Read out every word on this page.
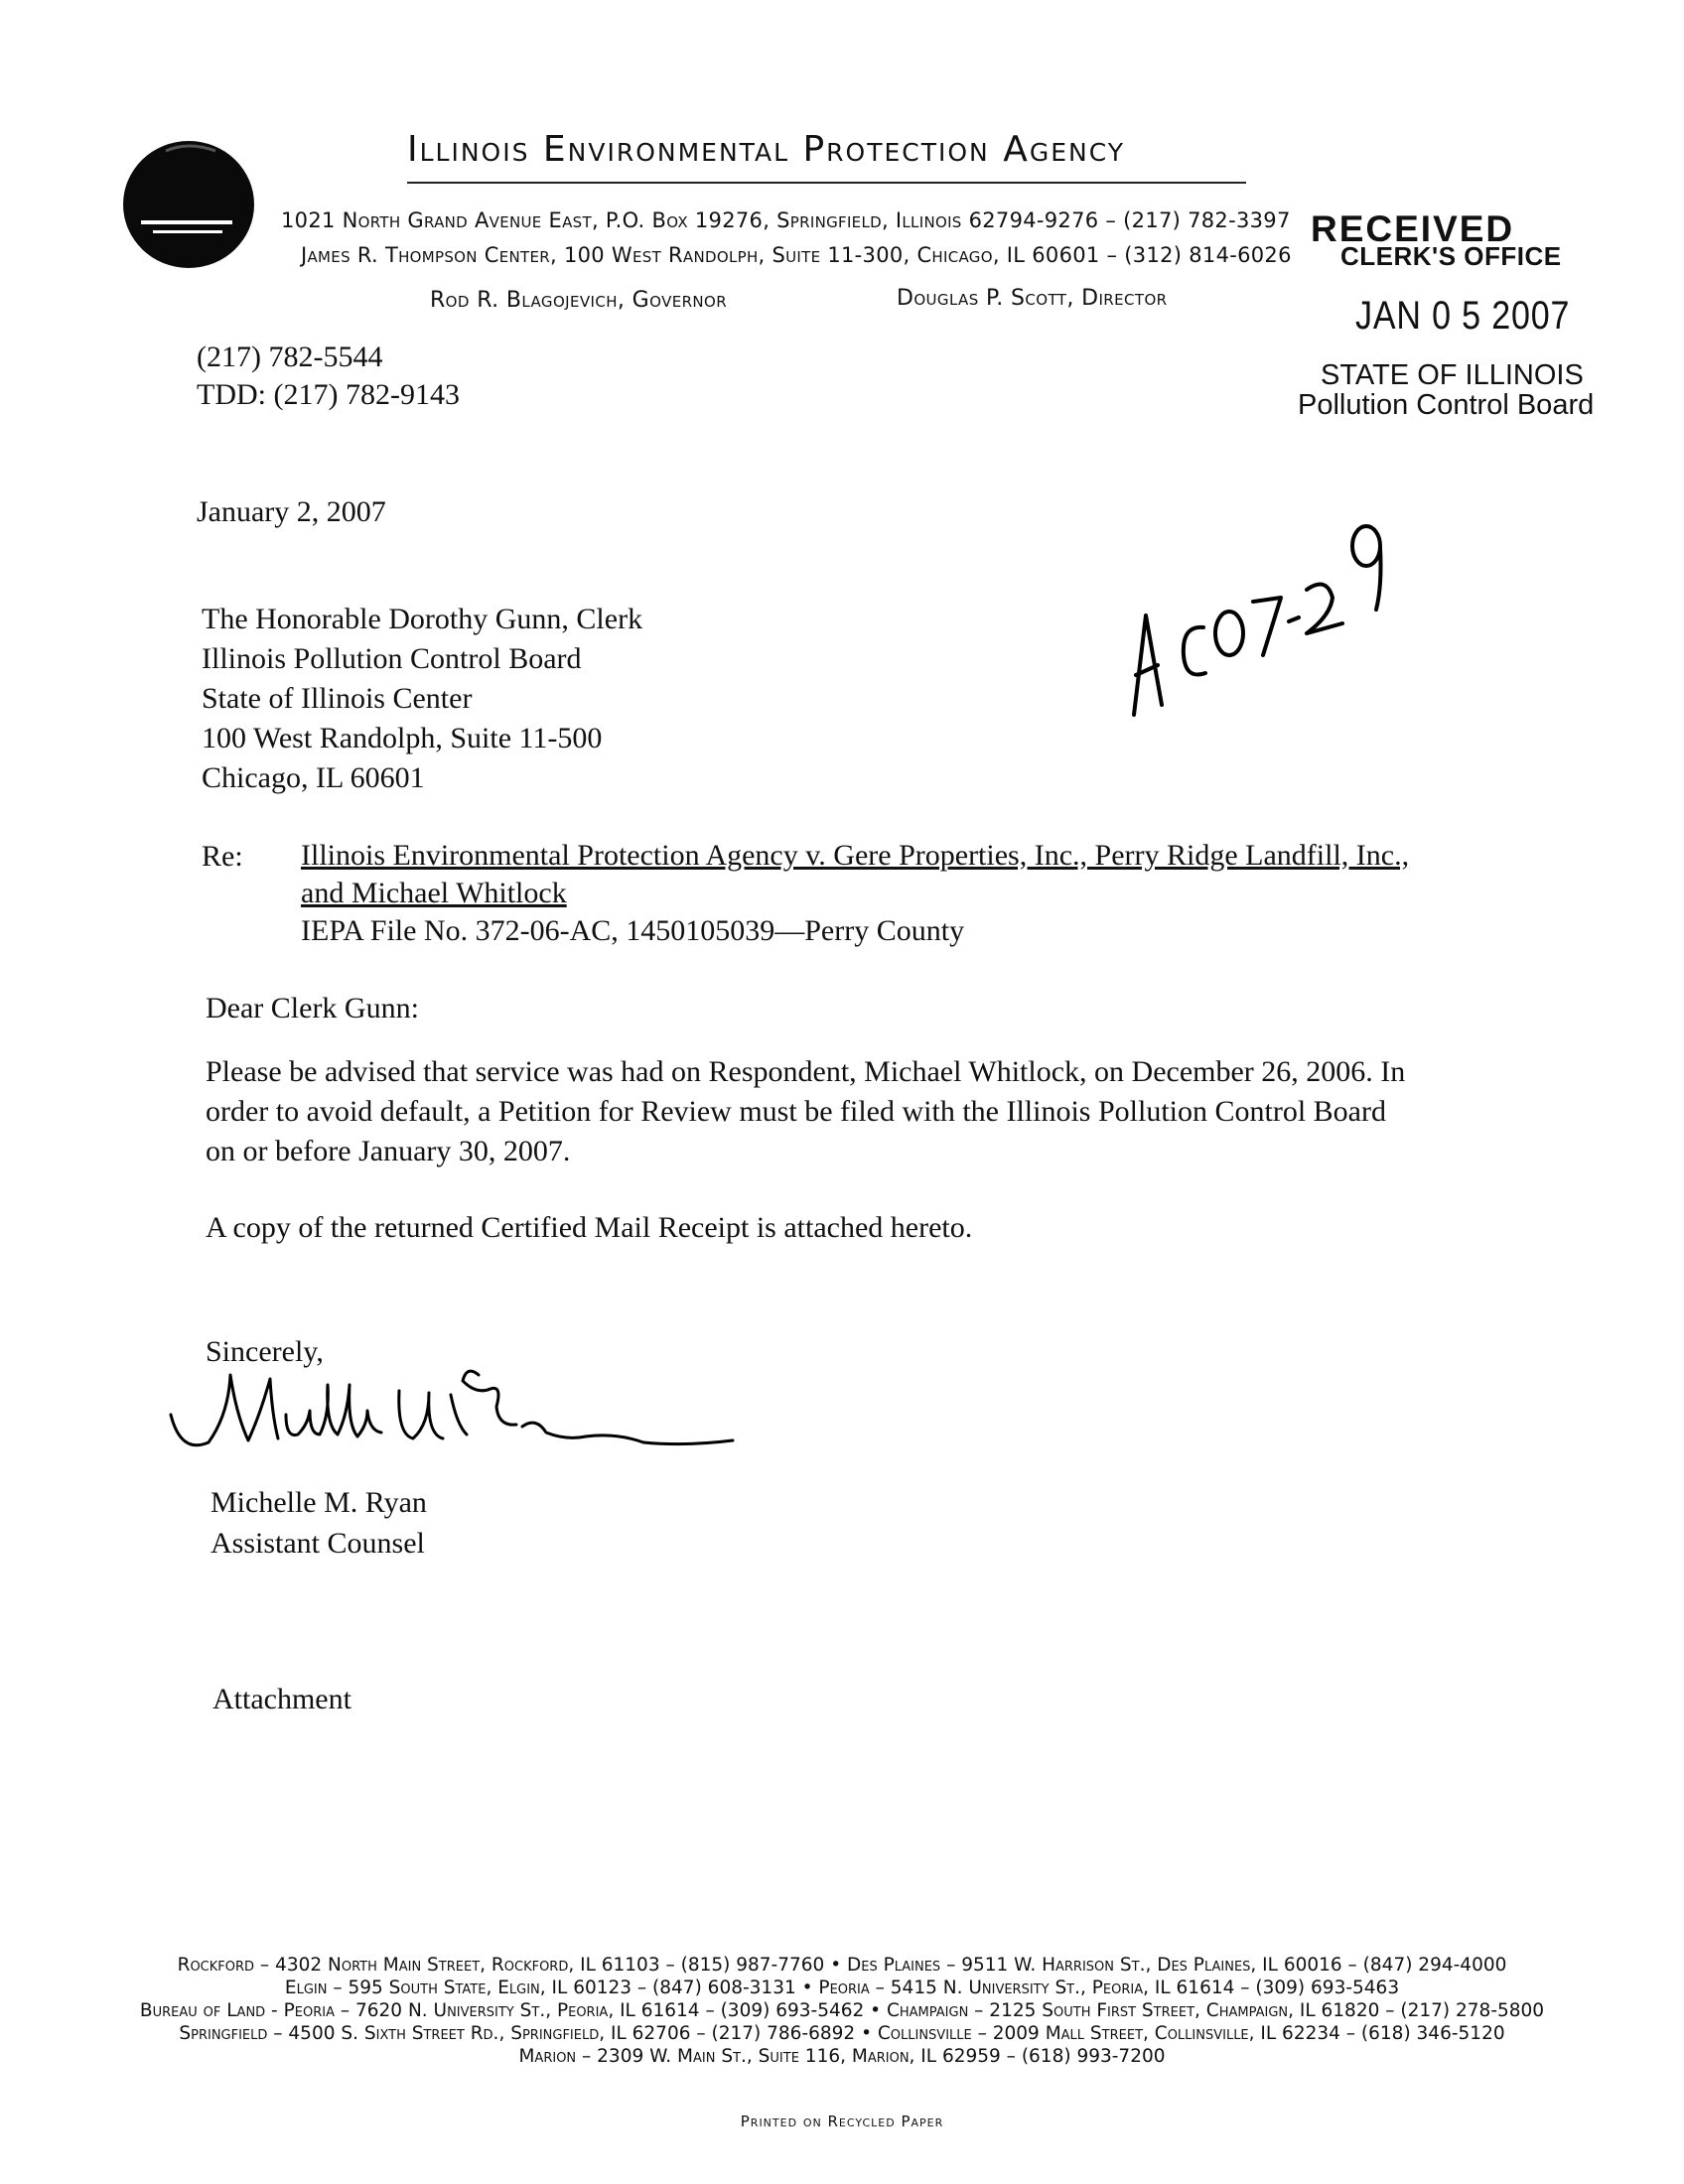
Illinois Environmental Protection Agency
1021 North Grand Avenue East, P.O. Box 19276, Springfield, Illinois 62794-9276 – (217) 782-3397
James R. Thompson Center, 100 West Randolph, Suite 11-300, Chicago, IL 60601 – (312) 814-6026
Rod R. Blagojevich, Governor	Douglas P. Scott, Director
RECEIVED
CLERK'S OFFICE
JAN 0 5 2007
STATE OF ILLINOIS
Pollution Control Board
(217) 782-5544
TDD: (217) 782-9143
January 2, 2007
The Honorable Dorothy Gunn, Clerk
Illinois Pollution Control Board
State of Illinois Center
100 West Randolph, Suite 11-500
Chicago, IL 60601
Re: Illinois Environmental Protection Agency v. Gere Properties, Inc., Perry Ridge Landfill, Inc.,
and Michael Whitlock
IEPA File No. 372-06-AC, 1450105039—Perry County
Dear Clerk Gunn:
Please be advised that service was had on Respondent, Michael Whitlock, on December 26, 2006. In
order to avoid default, a Petition for Review must be filed with the Illinois Pollution Control Board
on or before January 30, 2007.
A copy of the returned Certified Mail Receipt is attached hereto.
Sincerely,
Michelle M. Ryan
Assistant Counsel
Attachment
Rockford – 4302 North Main Street, Rockford, IL 61103 – (815) 987-7760 • Des Plaines – 9511 W. Harrison St., Des Plaines, IL 60016 – (847) 294-4000
Elgin – 595 South State, Elgin, IL 60123 – (847) 608-3131 • Peoria – 5415 N. University St., Peoria, IL 61614 – (309) 693-5463
Bureau of Land - Peoria – 7620 N. University St., Peoria, IL 61614 – (309) 693-5462 • Champaign – 2125 South First Street, Champaign, IL 61820 – (217) 278-5800
Springfield – 4500 S. Sixth Street Rd., Springfield, IL 62706 – (217) 786-6892 • Collinsville – 2009 Mall Street, Collinsville, IL 62234 – (618) 346-5120
Marion – 2309 W. Main St., Suite 116, Marion, IL 62959 – (618) 993-7200
Printed on Recycled Paper
